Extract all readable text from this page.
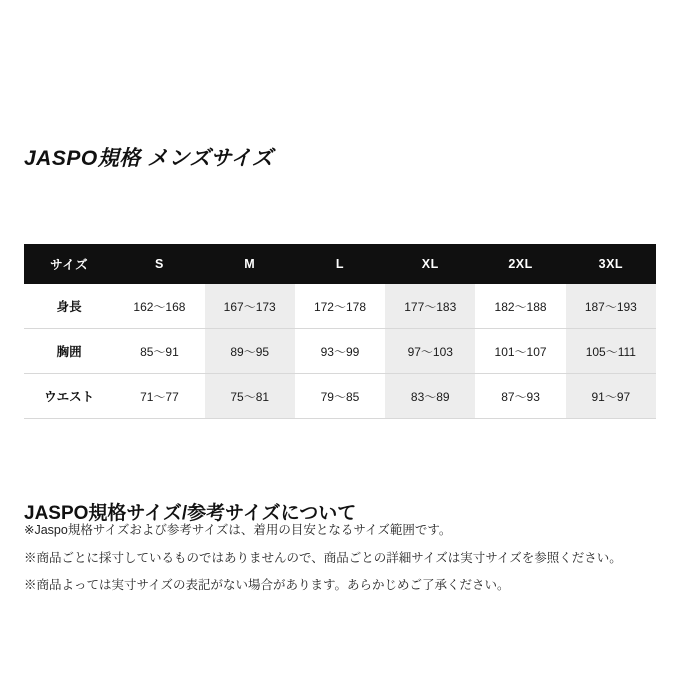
JASPO規格 メンズサイズ
サイズ	S	M	L	XL	2XL	3XL
身長	162〜168	167〜173	172〜178	177〜183	182〜188	187〜193
胸囲	85〜91	89〜95	93〜99	97〜103	101〜107	105〜111
ウエスト	71〜77	75〜81	79〜85	83〜89	87〜93	91〜97
JASPO規格サイズ/参考サイズについて

※Jaspo規格サイズおよび参考サイズは、着用の目安となるサイズ範囲です。

※商品ごとに採寸しているものではありませんので、商品ごとの詳細サイズは実寸サイズを参照ください。

※商品よっては実寸サイズの表記がない場合があります。あらかじめご了承ください。
